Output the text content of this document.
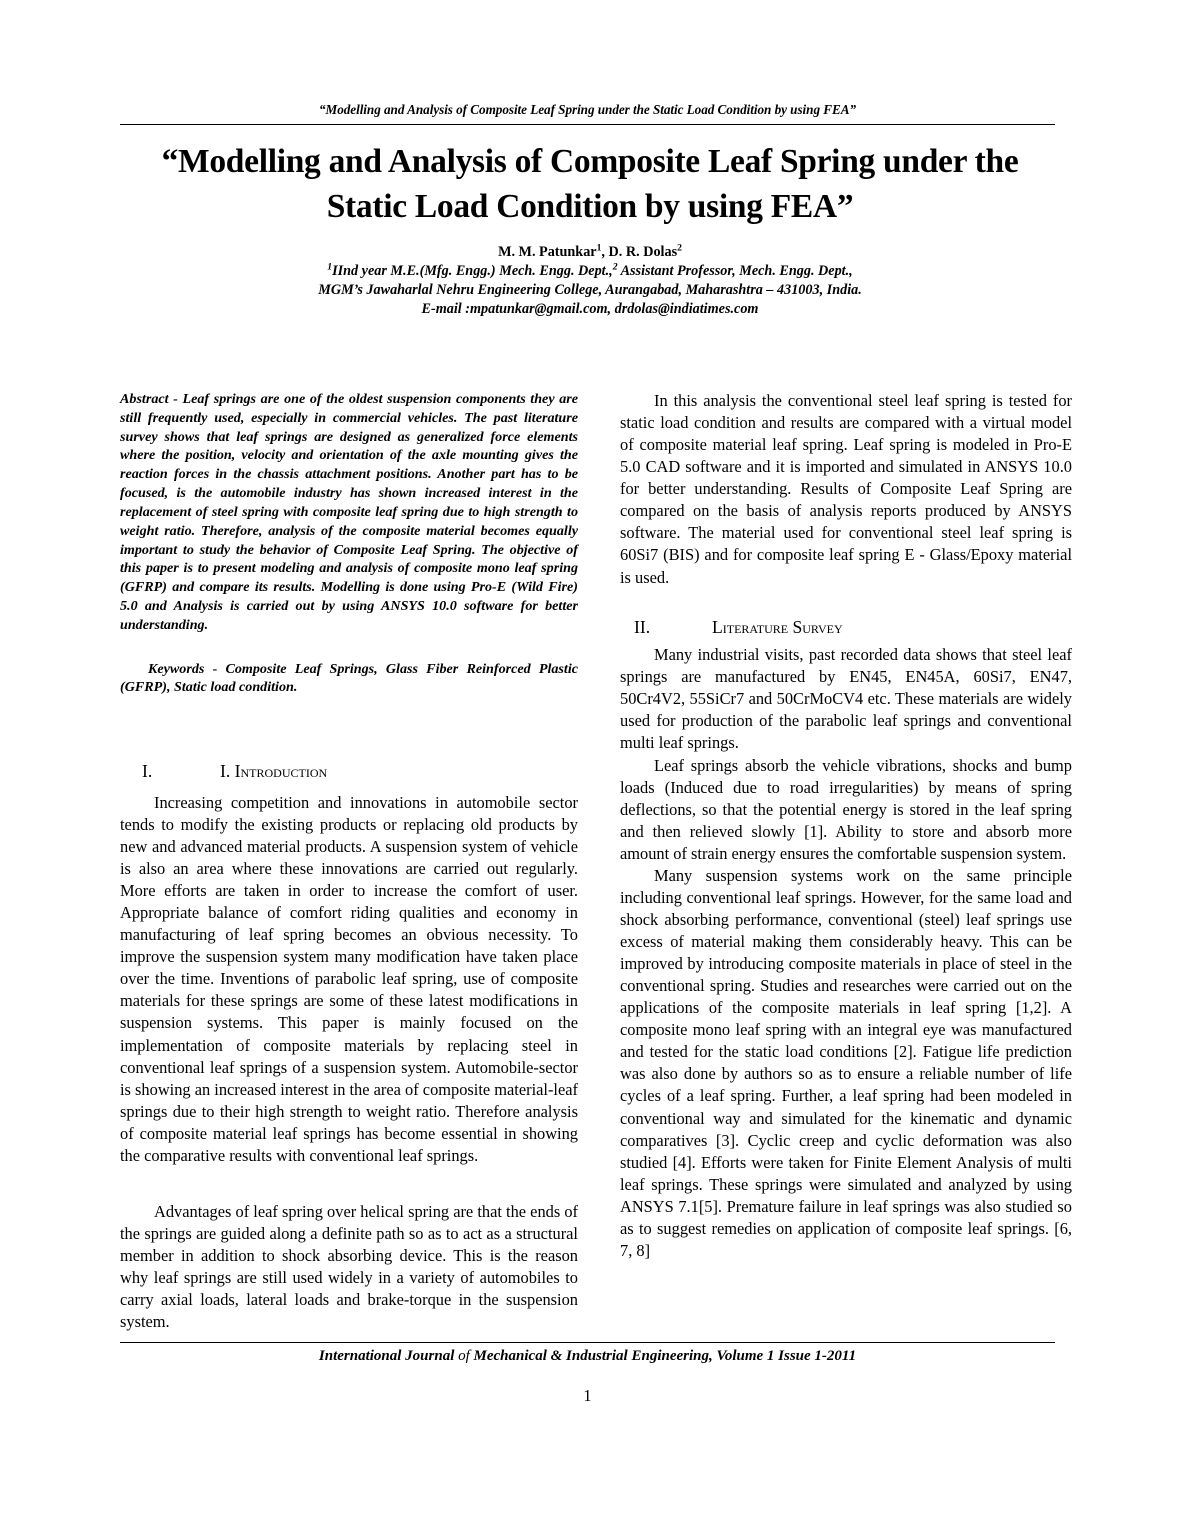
“Modelling and Analysis of Composite Leaf Spring under the Static Load Condition by using FEA”
“Modelling and Analysis of Composite Leaf Spring under the
Static Load Condition by using FEA”
M. M. Patunkar$^1$, D. R. Dolas$^2$
$^1$IInd year M.E.(Mfg. Engg.) Mech. Engg. Dept.,$^2$ Assistant Professor, Mech. Engg. Dept.,
MGM’s Jawaharlal Nehru Engineering College, Aurangabad, Maharashtra – 431003, India.
E-mail :mpatunkar@gmail.com, drdolas@indiatimes.com

Abstract - Leaf springs are one of the oldest suspension components they are still frequently used, especially in commercial vehicles. The past literature survey shows that leaf springs are designed as generalized force elements where the position, velocity and orientation of the axle mounting gives the reaction forces in the chassis attachment positions. Another part has to be focused, is the automobile industry has shown increased interest in the replacement of steel spring with composite leaf spring due to high strength to weight ratio. Therefore, analysis of the composite material becomes equally important to study the behavior of Composite Leaf Spring. The objective of this paper is to present modeling and analysis of composite mono leaf spring (GFRP) and compare its results. Modelling is done using Pro-E (Wild Fire) 5.0 and Analysis is carried out by using ANSYS 10.0 software for better understanding.

Keywords - Composite Leaf Springs, Glass Fiber Reinforced Plastic (GFRP), Static load condition.

I.	I. Introduction

Increasing competition and innovations in automobile sector tends to modify the existing products or replacing old products by new and advanced material products. A suspension system of vehicle is also an area where these innovations are carried out regularly. More efforts are taken in order to increase the comfort of user. Appropriate balance of comfort riding qualities and economy in manufacturing of leaf spring becomes an obvious necessity. To improve the suspension system many modification have taken place over the time. Inventions of parabolic leaf spring, use of composite materials for these springs are some of these latest modifications in suspension systems. This paper is mainly focused on the implementation of composite materials by replacing steel in conventional leaf springs of a suspension system. Automobile-sector is showing an increased interest in the area of composite material-leaf springs due to their high strength to weight ratio. Therefore analysis of composite material leaf springs has become essential in showing the comparative results with conventional leaf springs.

Advantages of leaf spring over helical spring are that the ends of the springs are guided along a definite path so as to act as a structural member in addition to shock absorbing device. This is the reason why leaf springs are still used widely in a variety of automobiles to carry axial loads, lateral loads and brake-torque in the suspension system.

In this analysis the conventional steel leaf spring is tested for static load condition and results are compared with a virtual model of composite material leaf spring. Leaf spring is modeled in Pro-E 5.0 CAD software and it is imported and simulated in ANSYS 10.0 for better understanding. Results of Composite Leaf Spring are compared on the basis of analysis reports produced by ANSYS software. The material used for conventional steel leaf spring is 60Si7 (BIS) and for composite leaf spring E - Glass/Epoxy material is used.

II.	Literature Survey

Many industrial visits, past recorded data shows that steel leaf springs are manufactured by EN45, EN45A, 60Si7, EN47, 50Cr4V2, 55SiCr7 and 50CrMoCV4 etc. These materials are widely used for production of the parabolic leaf springs and conventional multi leaf springs.

Leaf springs absorb the vehicle vibrations, shocks and bump loads (Induced due to road irregularities) by means of spring deflections, so that the potential energy is stored in the leaf spring and then relieved slowly [1]. Ability to store and absorb more amount of strain energy ensures the comfortable suspension system.

Many suspension systems work on the same principle including conventional leaf springs. However, for the same load and shock absorbing performance, conventional (steel) leaf springs use excess of material making them considerably heavy. This can be improved by introducing composite materials in place of steel in the conventional spring. Studies and researches were carried out on the applications of the composite materials in leaf spring [1,2]. A composite mono leaf spring with an integral eye was manufactured and tested for the static load conditions [2]. Fatigue life prediction was also done by authors so as to ensure a reliable number of life cycles of a leaf spring. Further, a leaf spring had been modeled in conventional way and simulated for the kinematic and dynamic comparatives [3]. Cyclic creep and cyclic deformation was also studied [4]. Efforts were taken for Finite Element Analysis of multi leaf springs. These springs were simulated and analyzed by using ANSYS 7.1[5]. Premature failure in leaf springs was also studied so as to suggest remedies on application of composite leaf springs. [6, 7, 8]

International Journal of Mechanical & Industrial Engineering, Volume 1 Issue 1-2011
1
